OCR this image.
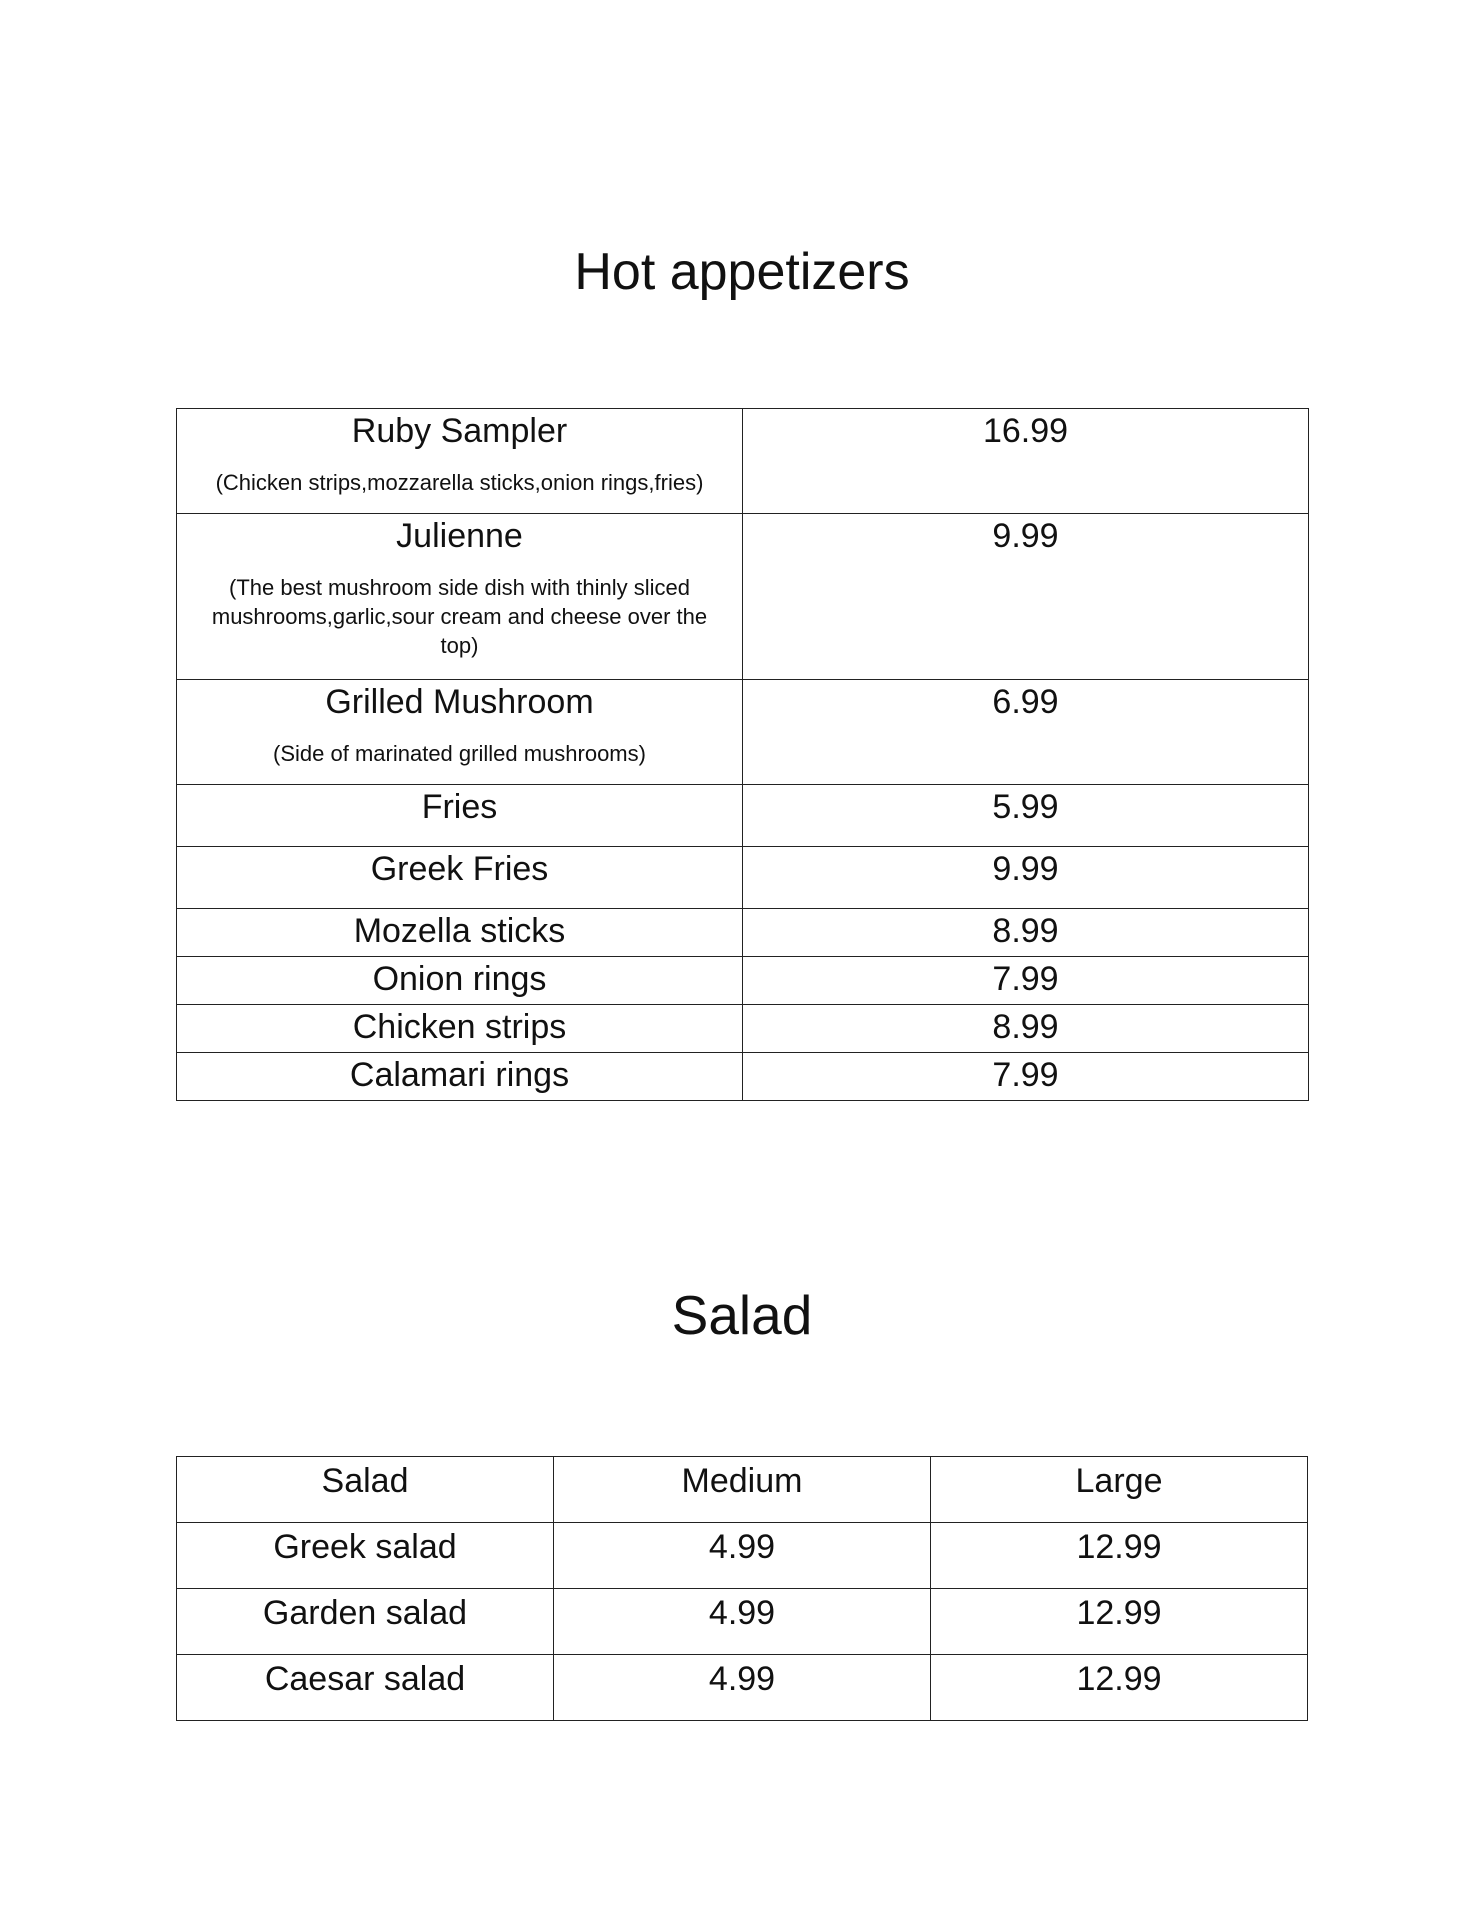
Hot appetizers
Ruby Sampler
(Chicken strips,mozzarella sticks,onion rings,fries)	16.99

Julienne
(The best mushroom side dish with thinly sliced mushrooms,garlic,sour cream and cheese over the top)	9.99

Grilled Mushroom
(Side of marinated grilled mushrooms)	6.99

Fries	5.99

Greek Fries	9.99

Mozella sticks	8.99

Onion rings	7.99

Chicken strips	8.99

Calamari rings	7.99
Salad
Salad	Medium	Large
Greek salad	4.99	12.99
Garden salad	4.99	12.99
Caesar salad	4.99	12.99
